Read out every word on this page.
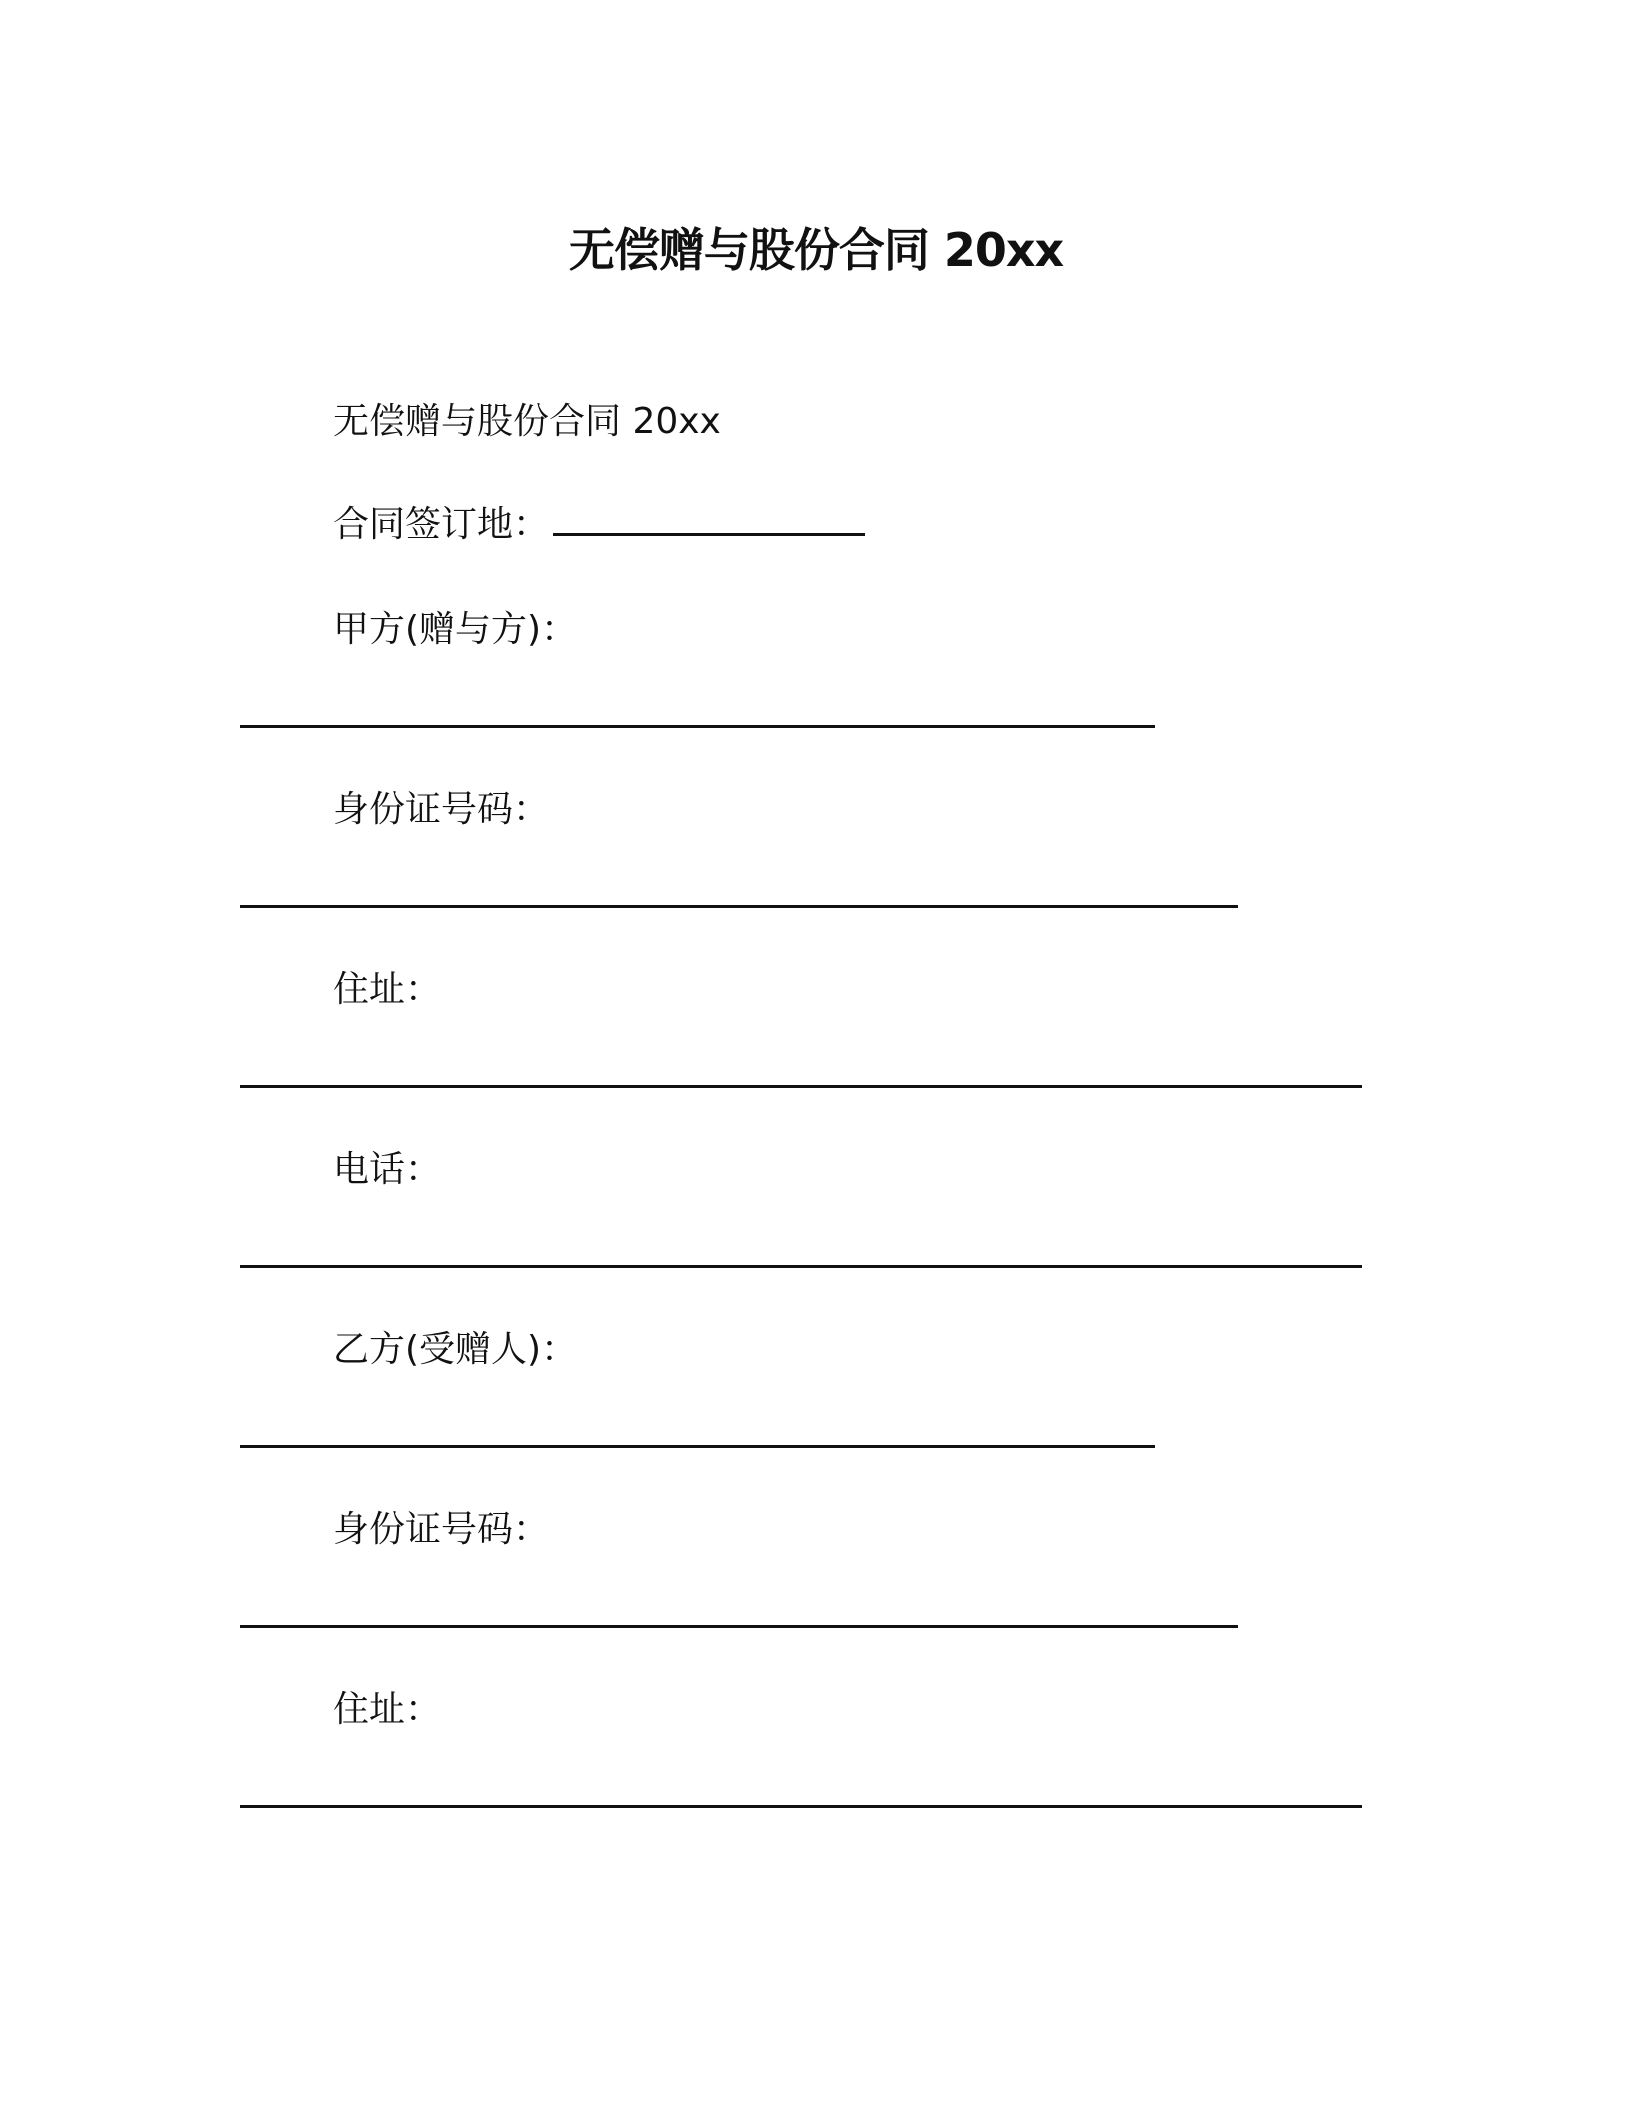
无偿赠与股份合同 20xx
无偿赠与股份合同 20xx
合同签订地：
甲方(赠与方)：
身份证号码：
住址：
电话：
乙方(受赠人)：
身份证号码：
住址：
